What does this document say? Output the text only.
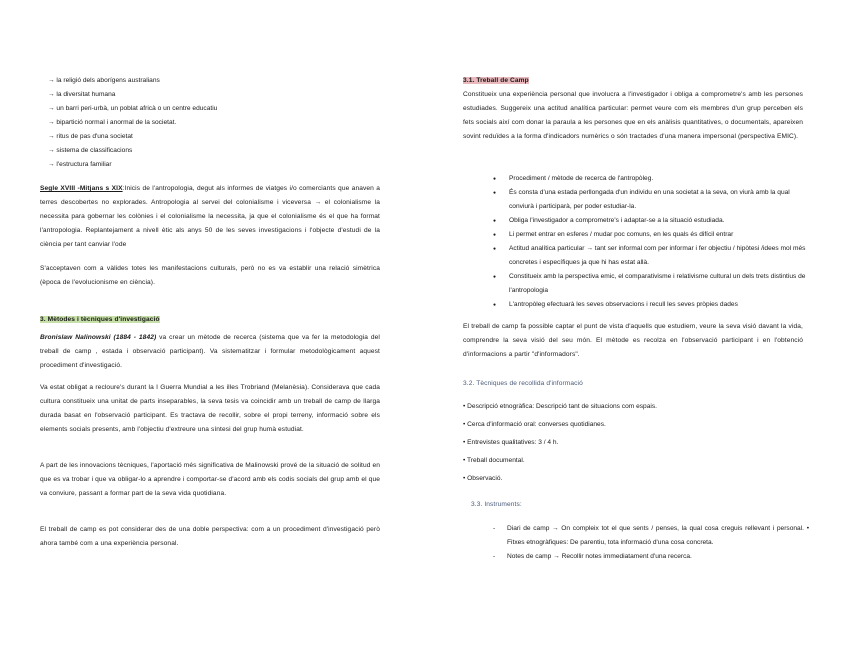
→ la religió dels aborígens australians
→ la diversitat humana
→ un barri peri-urbà, un poblat africà o un centre educatiu
→ bipartició normal i anormal de la societat.
→ ritus de pas d'una societat
→ sistema de classificacions
→ l'estructura familiar
Segle XVIII -Mitjans s XIX:Inicis de l'antropologia, degut als informes de viatges i/o comerciants que anaven a terres descobertes no explorades. Antropologia al servei del colonialisme i viceversa → el colonialisme la necessita para gobernar les colònies i el colonialisme la necessita, ja que el colonialisme és el que ha format l'antropologia. Replantejament a nivell ètic als anys 50 de les seves investigacions i l'objecte d'estudi de la ciència per tant canviar l'ode
S'acceptaven com a vàlides totes les manifestacions culturals, però no es va establir una relació simètrica (època de l'evolucionisme en ciència).
3. Mètodes i tècniques d'investigació
Bronislaw Nalinowski (1884 - 1842) va crear un mètode de recerca (sistema que va fer la metodologia del treball de camp , estada i observació participant). Va sistematitzar i formular metodològicament aquest procediment d'investigació.
Va estat obligat a recloure's durant la I Guerra Mundial a les illes Trobriand (Melanèsia). Considerava que cada cultura constitueix una unitat de parts inseparables, la seva tesis va coincidir amb un treball de camp de llarga durada basat en l'observació participant. Es tractava de recollir, sobre el propi terreny, informació sobre els elements socials presents, amb l'objectiu d'extreure una síntesi del grup humà estudiat.
A part de les innovacions tècniques, l'aportació més significativa de Malinowski prové de la situació de solitud en que es va trobar i que va obligar-lo a aprendre i comportar-se d'acord amb els codis socials del grup amb el que va conviure, passant a formar part de la seva vida quotidiana.
El treball de camp es pot considerar des de una doble perspectiva: com a un procediment d'investigació però ahora també com a una experiència personal.
3.1. Treball de Camp
Constitueix una experiència personal que involucra a l'investigador i obliga a comprometre's amb les persones estudiades. Suggereix una actitud analítica particular: permet veure com els membres d'un grup perceben els fets socials així com donar la paraula a les persones que en els anàlisis quantitatives, o documentals, apareixen sovint reduïdes a la forma d'indicadors numèrics o són tractades d'una manera impersonal (perspectiva EMIC).
● Procediment / mètode de recerca de l'antropòleg.
● És consta d'una estada perllongada d'un individu en una societat a la seva, on viurà amb la qual conviurà i participarà, per poder estudiar-la.
● Obliga l'investigador a comprometre's i adaptar-se a la situació estudiada.
● Li permet entrar en esferes / mudar poc comuns, en les quals és difícil entrar
● Actitud analítica particular → tant ser informal com per informar i fer objectiu / hipòtesi /idees mol més concretes i específiques ja que hi has estat allà.
● Constitueix amb la perspectiva emic, el comparativisme i relativisme cultural un dels trets distintius de l'antropologia
● L'antropòleg efectuarà les seves observacions i recull les seves pròpies dades
El treball de camp fa possible captar el punt de vista d'aquells que estudiem, veure la seva visió davant la vida, comprendre la seva visió del seu món. El mètode es recolza en l'observació participant i en l'obtenció d'informacions a partir "d'informadors".
3.2. Tècniques de recollida d'informació
• Descripció etnogràfica: Descripció tant de situacions com espais.
• Cerca d'informació oral: converses quotidianes.
• Entrevistes qualitatives: 3 / 4 h.
• Treball documental.
• Observació.
3.3. Instruments:
- Diari de camp → On compleix tot el que sents / penses, la qual cosa creguis rellevant i personal. • Fitxes etnogràfiques: De parentiu, tota informació d'una cosa concreta.
- Notes de camp → Recollir notes immediatament d'una recerca.
